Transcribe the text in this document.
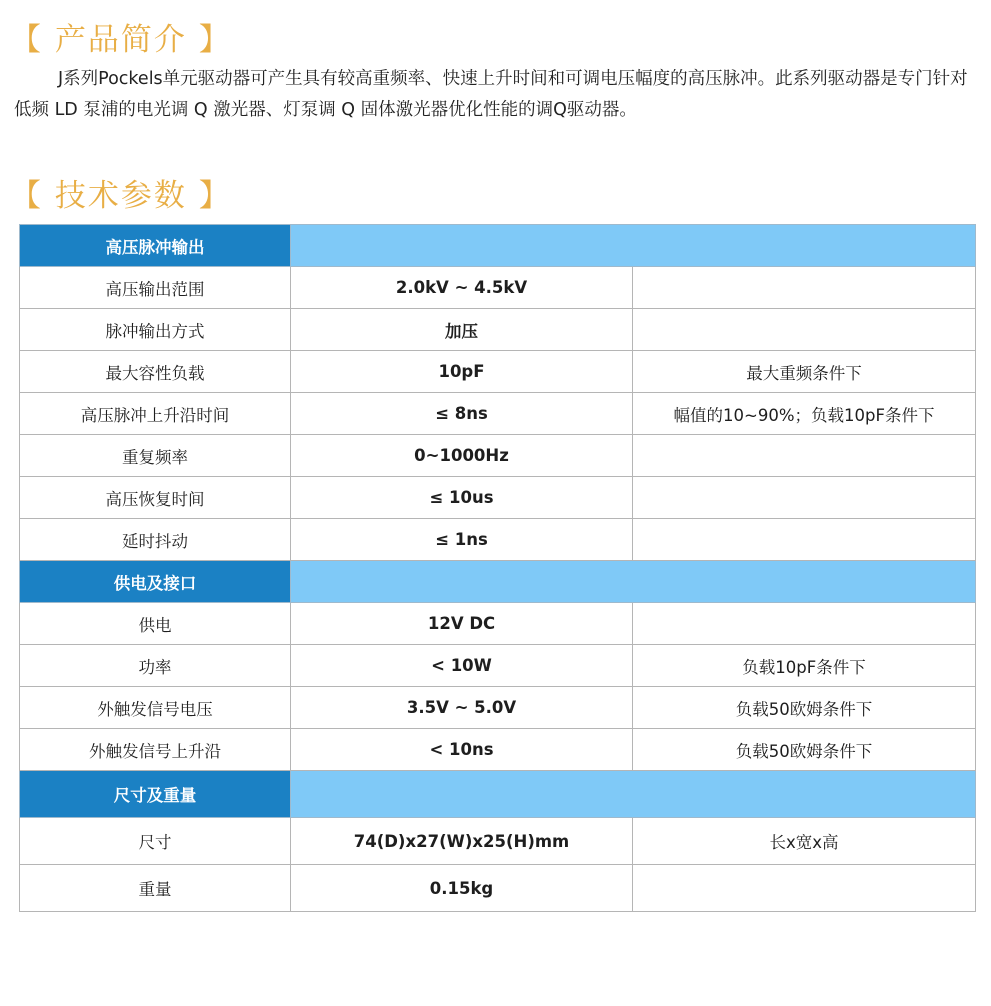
【 产品简介 】
J系列Pockels单元驱动器可产生具有较高重频率、快速上升时间和可调电压幅度的高压脉冲。此系列驱动器是专门针对低频 LD 泵浦的电光调 Q 激光器、灯泵调 Q 固体激光器优化性能的调Q驱动器。
【 技术参数 】
高压脉冲输出		
高压输出范围	2.0kV ~ 4.5kV	
脉冲输出方式	加压	
最大容性负载	10pF	最大重频条件下
高压脉冲上升沿时间	≤ 8ns	幅值的10~90%；负载10pF条件下
重复频率	0~1000Hz	
高压恢复时间	≤ 10us	
延时抖动	≤ 1ns	
供电及接口		
供电	12V DC	
功率	< 10W	负载10pF条件下
外触发信号电压	3.5V ~ 5.0V	负载50欧姆条件下
外触发信号上升沿	< 10ns	负载50欧姆条件下
尺寸及重量		
尺寸	74(D)x27(W)x25(H)mm	长x宽x高
重量	0.15kg	
